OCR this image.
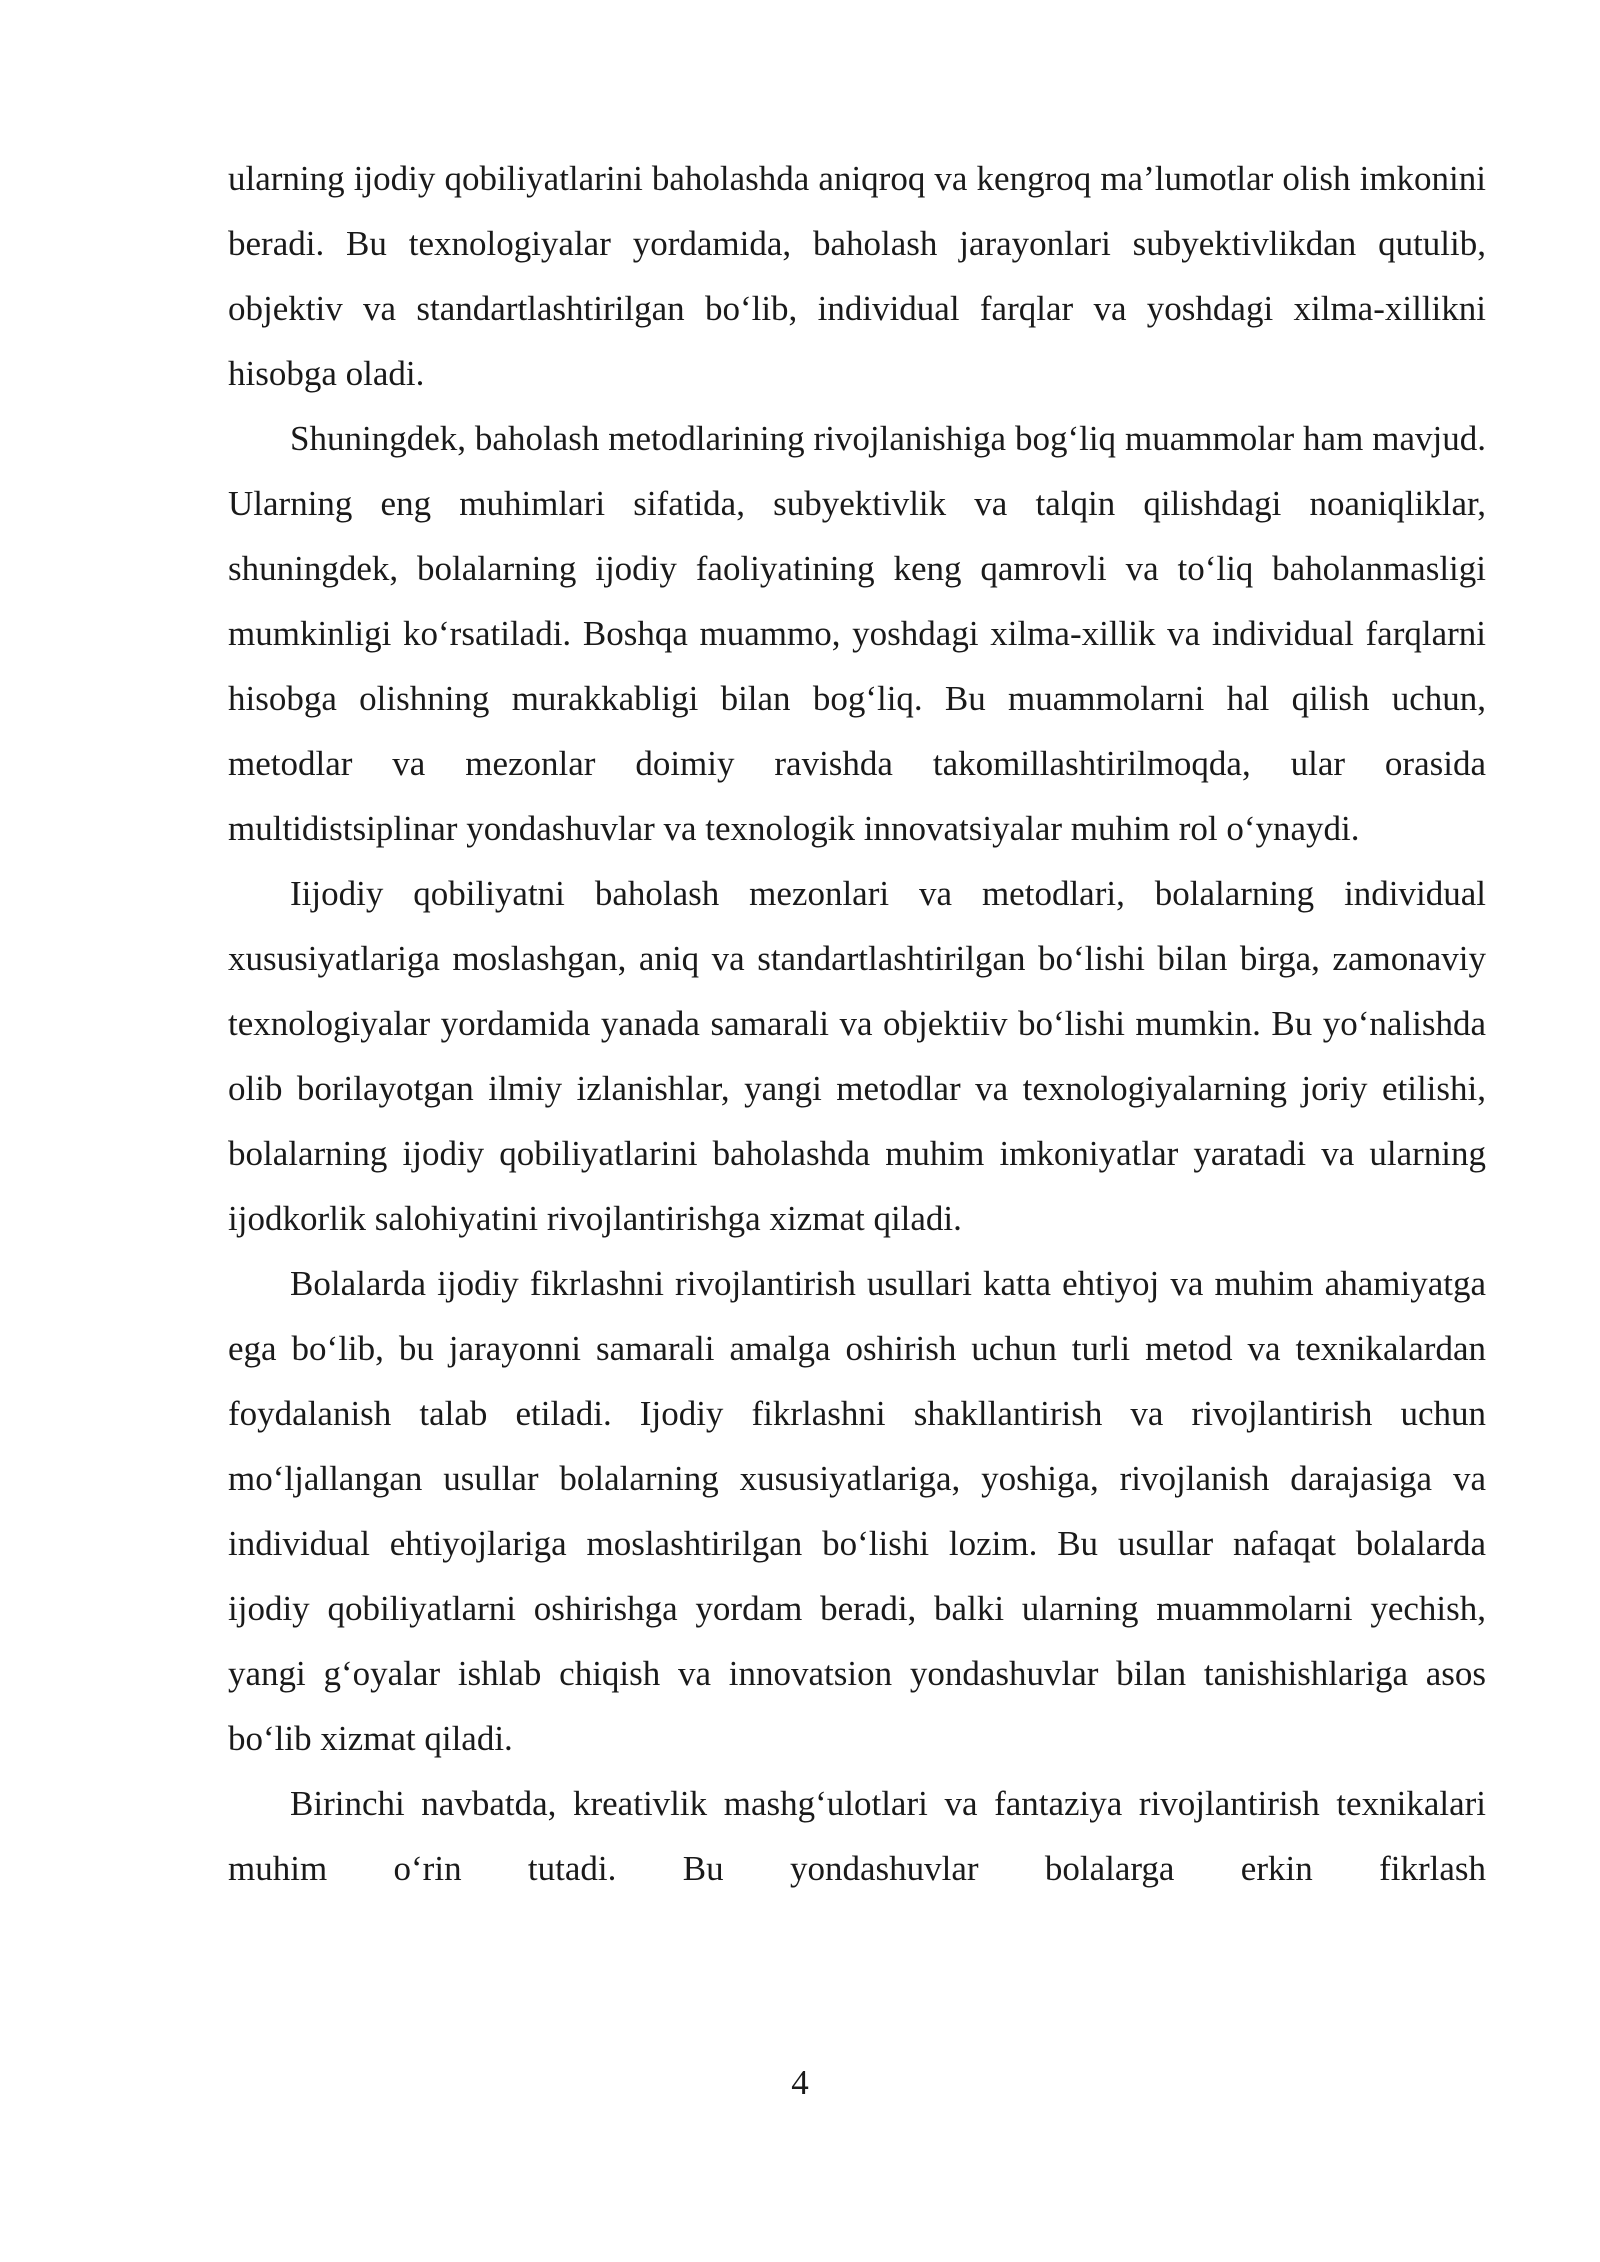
ularning ijodiy qobiliyatlarini baholashda aniqroq va kengroq ma’lumotlar olish imkonini beradi. Bu texnologiyalar yordamida, baholash jarayonlari subyektivlikdan qutulib, objektiv va standartlashtirilgan bo‘lib, individual farqlar va yoshdagi xilma-xillikni hisobga oladi.

Shuningdek, baholash metodlarining rivojlanishiga bog‘liq muammolar ham mavjud. Ularning eng muhimlari sifatida, subyektivlik va talqin qilishdagi noaniqliklar, shuningdek, bolalarning ijodiy faoliyatining keng qamrovli va to‘liq baholanmasligi mumkinligi ko‘rsatiladi. Boshqa muammo, yoshdagi xilma-xillik va individual farqlarni hisobga olishning murakkabligi bilan bog‘liq. Bu muammolarni hal qilish uchun, metodlar va mezonlar doimiy ravishda takomillashtirilmoqda, ular orasida multidistsiplinar yondashuvlar va texnologik innovatsiyalar muhim rol o‘ynaydi.

Iijodiy qobiliyatni baholash mezonlari va metodlari, bolalarning individual xususiyatlariga moslashgan, aniq va standartlashtirilgan bo‘lishi bilan birga, zamonaviy texnologiyalar yordamida yanada samarali va objektiiv bo‘lishi mumkin. Bu yo‘nalishda olib borilayotgan ilmiy izlanishlar, yangi metodlar va texnologiyalarning joriy etilishi, bolalarning ijodiy qobiliyatlarini baholashda muhim imkoniyatlar yaratadi va ularning ijodkorlik salohiyatini rivojlantirishga xizmat qiladi.

Bolalarda ijodiy fikrlashni rivojlantirish usullari katta ehtiyoj va muhim ahamiyatga ega bo‘lib, bu jarayonni samarali amalga oshirish uchun turli metod va texnikalardan foydalanish talab etiladi. Ijodiy fikrlashni shakllantirish va rivojlantirish uchun mo‘ljallangan usullar bolalarning xususiyatlariga, yoshiga, rivojlanish darajasiga va individual ehtiyojlariga moslashtirilgan bo‘lishi lozim. Bu usullar nafaqat bolalarda ijodiy qobiliyatlarni oshirishga yordam beradi, balki ularning muammolarni yechish, yangi g‘oyalar ishlab chiqish va innovatsion yondashuvlar bilan tanishishlariga asos bo‘lib xizmat qiladi.

Birinchi navbatda, kreativlik mashg‘ulotlari va fantaziya rivojlantirish texnikalari muhim o‘rin tutadi. Bu yondashuvlar bolalarga erkin fikrlash

4
